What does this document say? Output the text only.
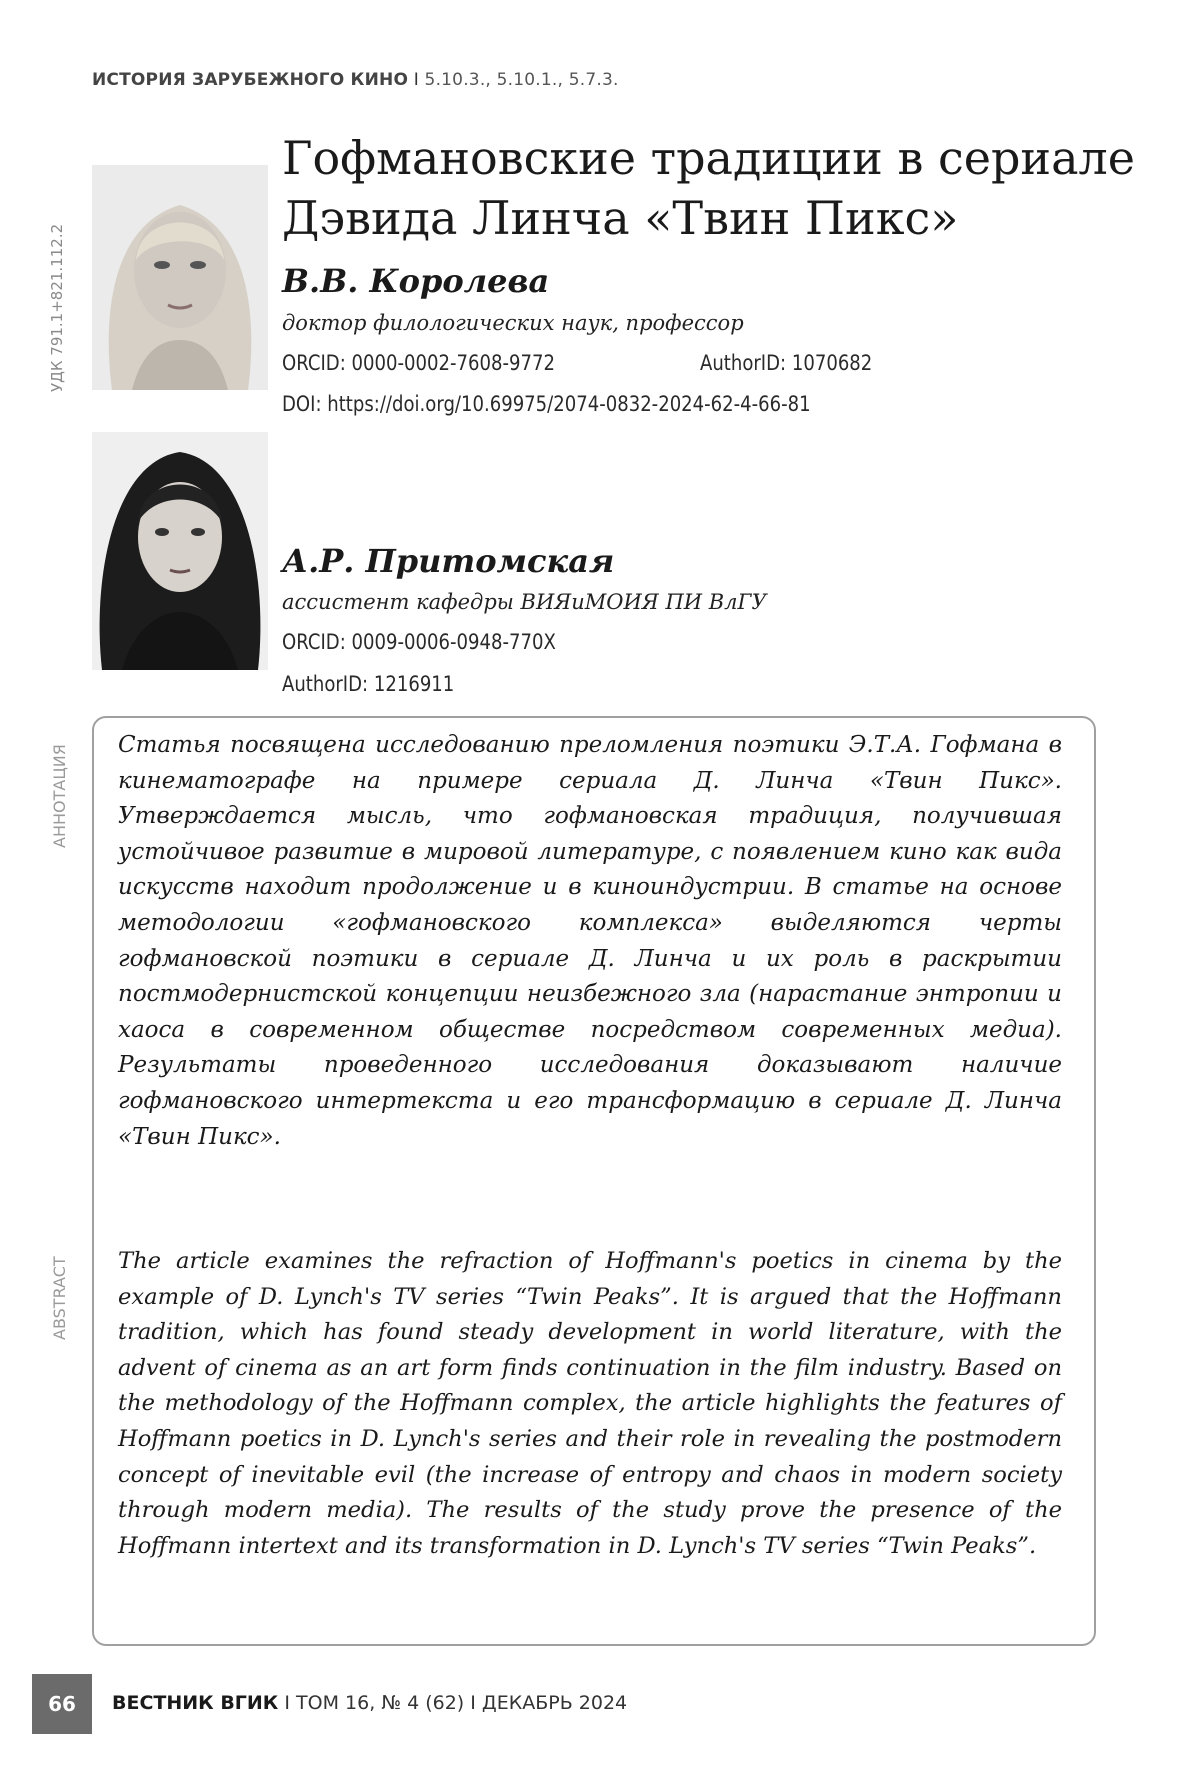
ИСТОРИЯ ЗАРУБЕЖНОГО КИНО I 5.10.3., 5.10.1., 5.7.3.
УДК 791.1+821.112.2
Гофмановские традиции в сериале
Дэвида Линча «Твин Пикс»
В.В. Королева
доктор филологических наук, профессор
ORCID: 0000-0002-7608-9772	AuthorID: 1070682
DOI: https://doi.org/10.69975/2074-0832-2024-62-4-66-81
А.Р. Притомская
ассистент кафедры ВИЯиМОИЯ ПИ ВлГУ
ORCID: 0009-0006-0948-770X
AuthorID: 1216911
АННОТАЦИЯ
ABSTRACT

Статья посвящена исследованию преломления поэтики Э.Т.А. Гофмана в кинематографе на примере сериала Д. Линча «Твин Пикс». Утверждается мысль, что гофмановская традиция, получившая устойчивое развитие в мировой литературе, с появлением кино как вида искусств находит продолжение и в киноиндустрии. В статье на основе методологии «гофмановского комплекса» выделяются черты гофмановской поэтики в сериале Д. Линча и их роль в раскрытии постмодернистской концепции неизбежного зла (нарастание энтропии и хаоса в современном обществе посредством современных медиа). Результаты проведенного исследования доказывают наличие гофмановского интертекста и его трансформацию в сериале Д. Линча «Твин Пикс».

The article examines the refraction of Hoffmann's poetics in cinema by the example of D. Lynch's TV series “Twin Peaks”. It is argued that the Hoffmann tradition, which has found steady development in world literature, with the advent of cinema as an art form finds continuation in the film industry. Based on the methodology of the Hoffmann complex, the article highlights the features of Hoffmann poetics in D. Lynch's series and their role in revealing the postmodern concept of inevitable evil (the increase of entropy and chaos in modern society through modern media). The results of the study prove the presence of the Hoffmann intertext and its transformation in D. Lynch's TV series “Twin Peaks”.

66	ВЕСТНИК ВГИК I ТОМ 16, № 4 (62) I ДЕКАБРЬ 2024
